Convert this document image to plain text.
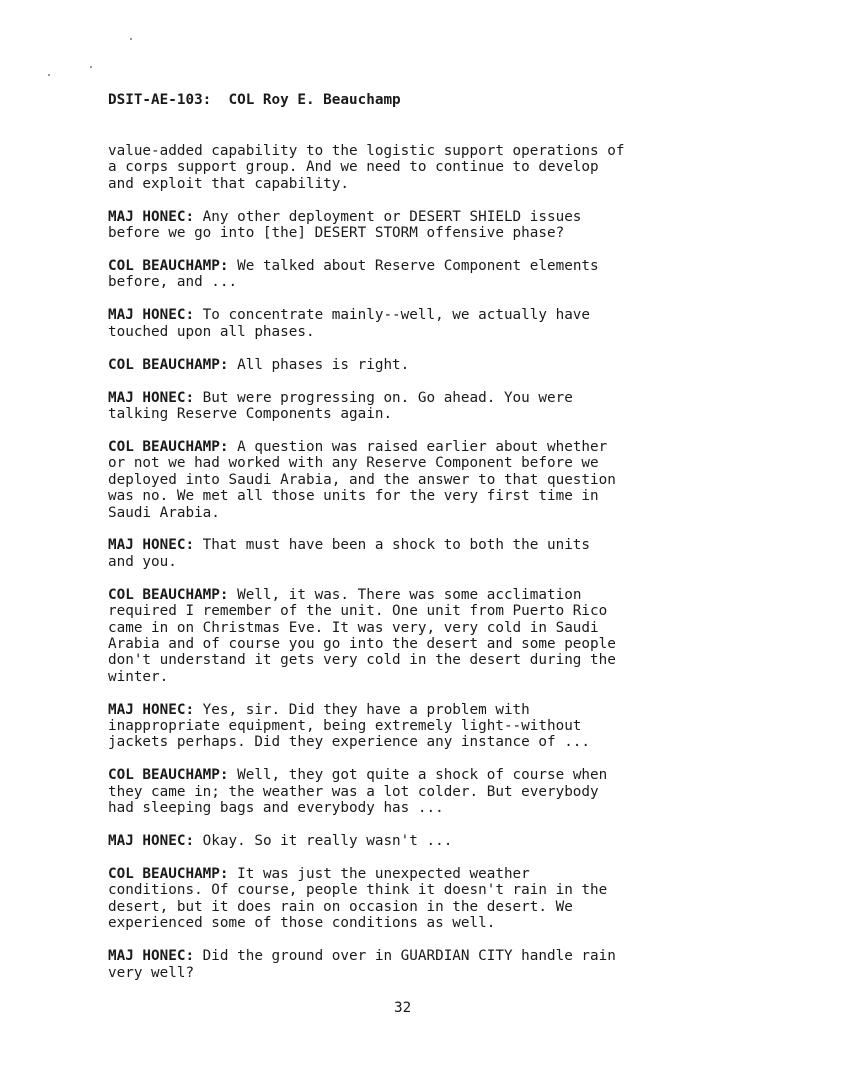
DSIT-AE-103:  COL Roy E. Beauchamp

value-added capability to the logistic support operations of
a corps support group. And we need to continue to develop
and exploit that capability.

MAJ HONEC: Any other deployment or DESERT SHIELD issues
before we go into [the] DESERT STORM offensive phase?

COL BEAUCHAMP: We talked about Reserve Component elements
before, and ...

MAJ HONEC: To concentrate mainly--well, we actually have
touched upon all phases.

COL BEAUCHAMP: All phases is right.

MAJ HONEC: But were progressing on. Go ahead. You were
talking Reserve Components again.

COL BEAUCHAMP: A question was raised earlier about whether
or not we had worked with any Reserve Component before we
deployed into Saudi Arabia, and the answer to that question
was no. We met all those units for the very first time in
Saudi Arabia.

MAJ HONEC: That must have been a shock to both the units
and you.

COL BEAUCHAMP: Well, it was. There was some acclimation
required I remember of the unit. One unit from Puerto Rico
came in on Christmas Eve. It was very, very cold in Saudi
Arabia and of course you go into the desert and some people
don't understand it gets very cold in the desert during the
winter.

MAJ HONEC: Yes, sir. Did they have a problem with
inappropriate equipment, being extremely light--without
jackets perhaps. Did they experience any instance of ...

COL BEAUCHAMP: Well, they got quite a shock of course when
they came in; the weather was a lot colder. But everybody
had sleeping bags and everybody has ...

MAJ HONEC: Okay. So it really wasn't ...

COL BEAUCHAMP: It was just the unexpected weather
conditions. Of course, people think it doesn't rain in the
desert, but it does rain on occasion in the desert. We
experienced some of those conditions as well.

MAJ HONEC: Did the ground over in GUARDIAN CITY handle rain
very well?

32
